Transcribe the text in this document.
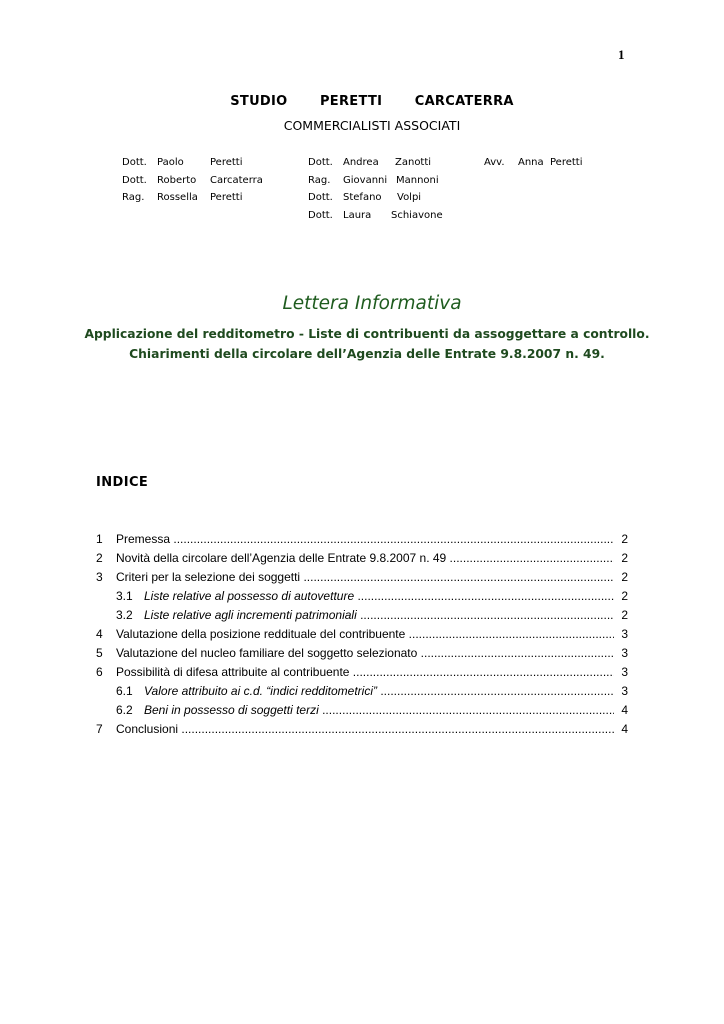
1
STUDIO   PERETTI   CARCATERRA
COMMERCIALISTI ASSOCIATI
Dott. Paolo	Peretti
Dott. Roberto Carcaterra
Rag. Rossella Peretti
Dott. Andrea Zanotti
Rag. Giovanni Mannoni
Dott. Stefano Volpi
Dott. Laura Schiavone
Avv. Anna Peretti
Lettera Informativa
Applicazione del redditometro - Liste di contribuenti da assoggettare a controllo.
Chiarimenti della circolare dell’Agenzia delle Entrate 9.8.2007 n. 49.
INDICE
1 Premessa .....	2
2 Novità della circolare dell’Agenzia delle Entrate 9.8.2007 n. 49 .....	2
3 Criteri per la selezione dei soggetti .....	2
3.1 Liste relative al possesso di autovetture .....	2
3.2 Liste relative agli incrementi patrimoniali .....	2
4 Valutazione della posizione reddituale del contribuente .....	3
5 Valutazione del nucleo familiare del soggetto selezionato .....	3
6 Possibilità di difesa attribuite al contribuente .....	3
6.1 Valore attribuito ai c.d. “indici redditometrici” .....	3
6.2 Beni in possesso di soggetti terzi .....	4
7 Conclusioni .....	4
